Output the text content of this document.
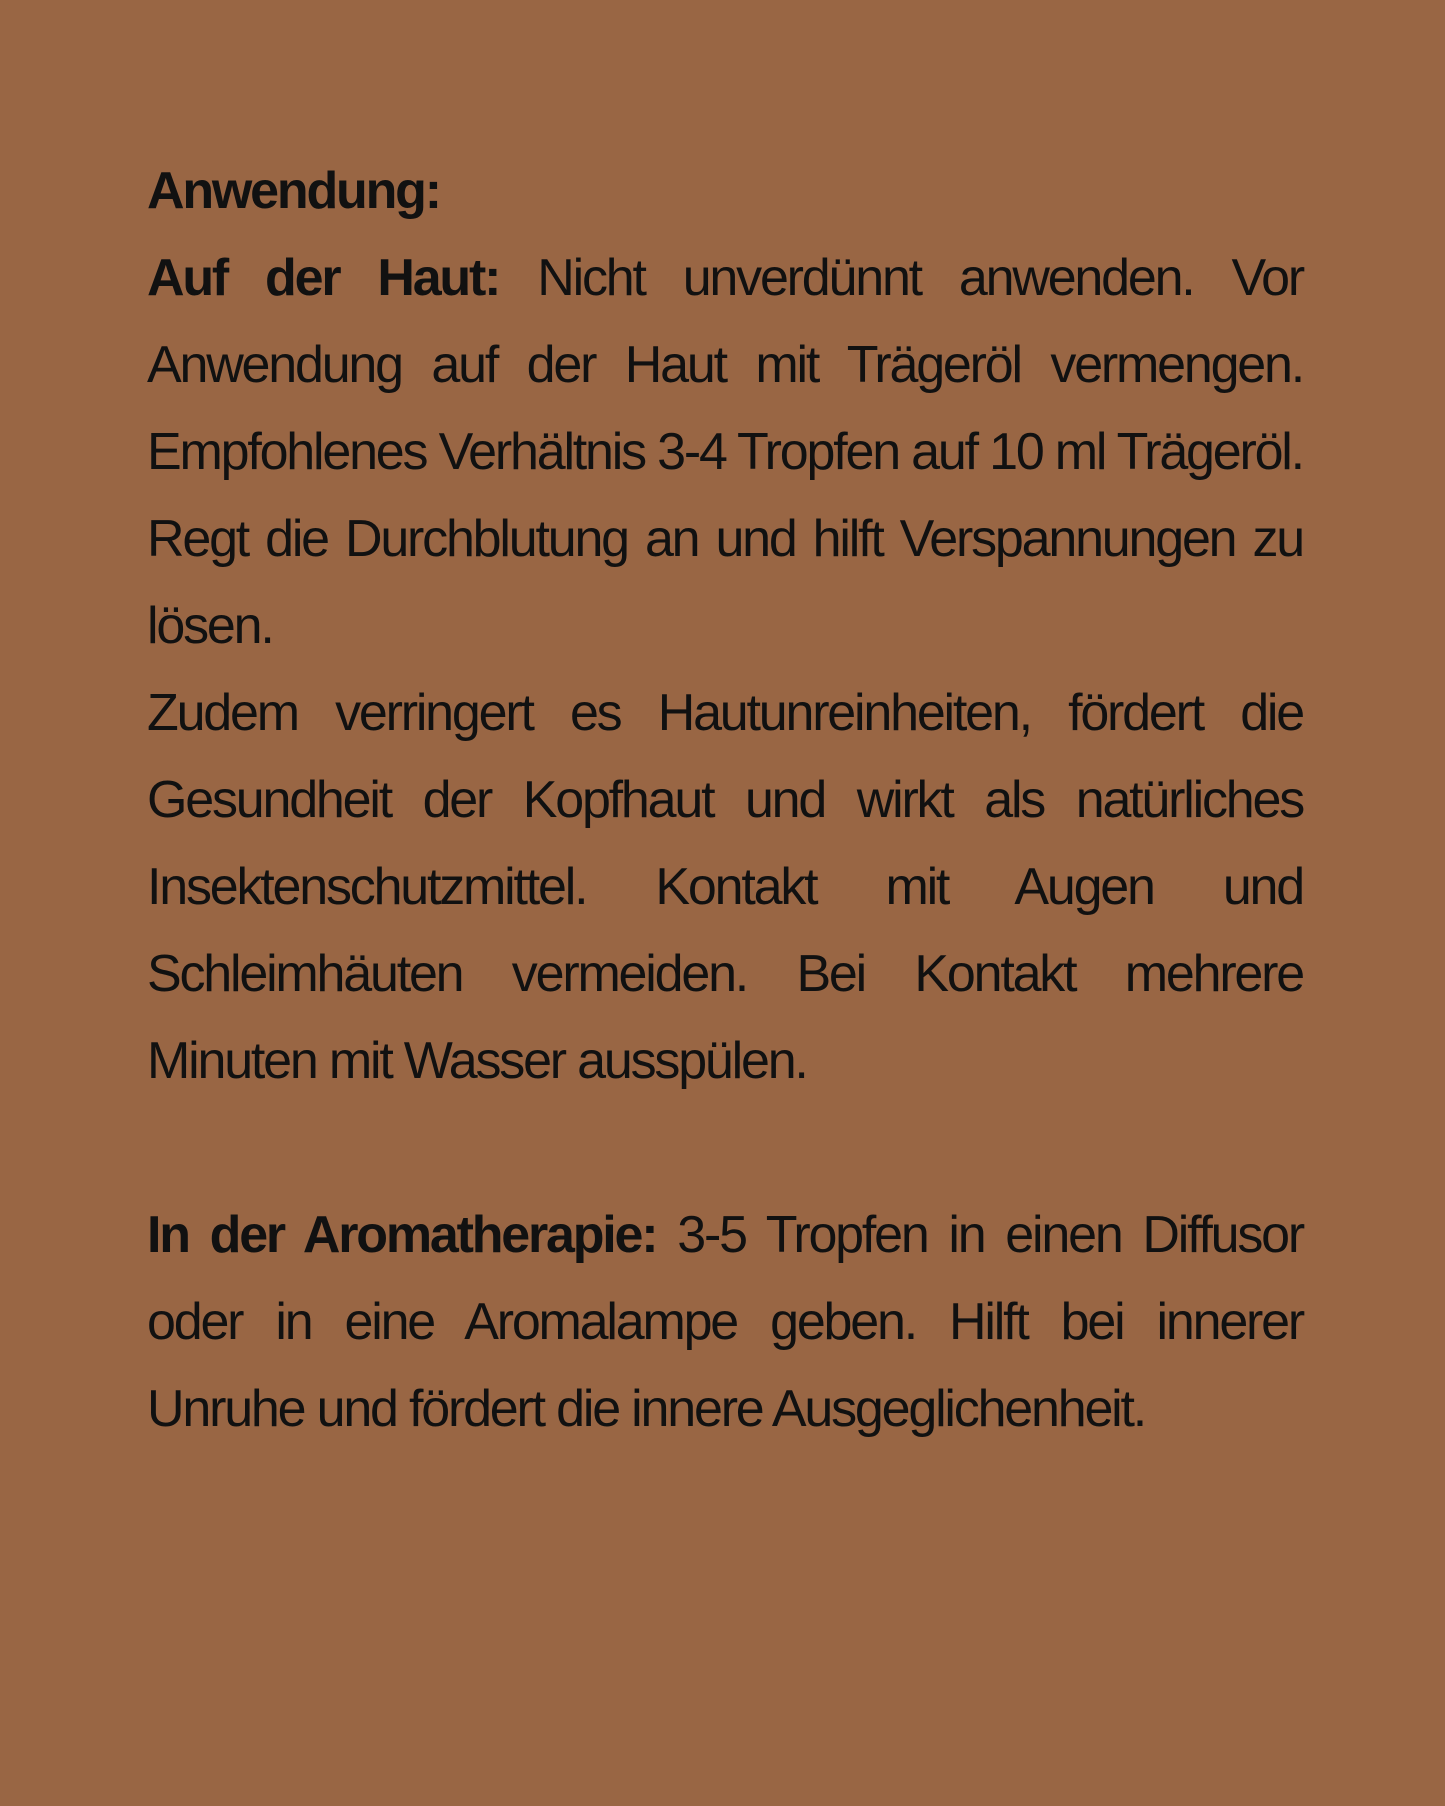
Anwendung:

Auf der Haut: Nicht unverdünnt anwenden. Vor Anwendung auf der Haut mit Trägeröl vermengen. Empfohlenes Verhältnis 3-4 Tropfen auf 10 ml Trägeröl.

Regt die Durchblutung an und hilft Verspannungen zu lösen.

Zudem verringert es Hautunreinheiten, fördert die Gesundheit der Kopfhaut und wirkt als natürliches Insektenschutzmittel. Kontakt mit Augen und Schleimhäuten vermeiden. Bei Kontakt mehrere Minuten mit Wasser ausspülen.

In der Aromatherapie: 3-5 Tropfen in einen Diffusor oder in eine Aromalampe geben. Hilft bei innerer Unruhe und fördert die innere Ausgeglichenheit.
